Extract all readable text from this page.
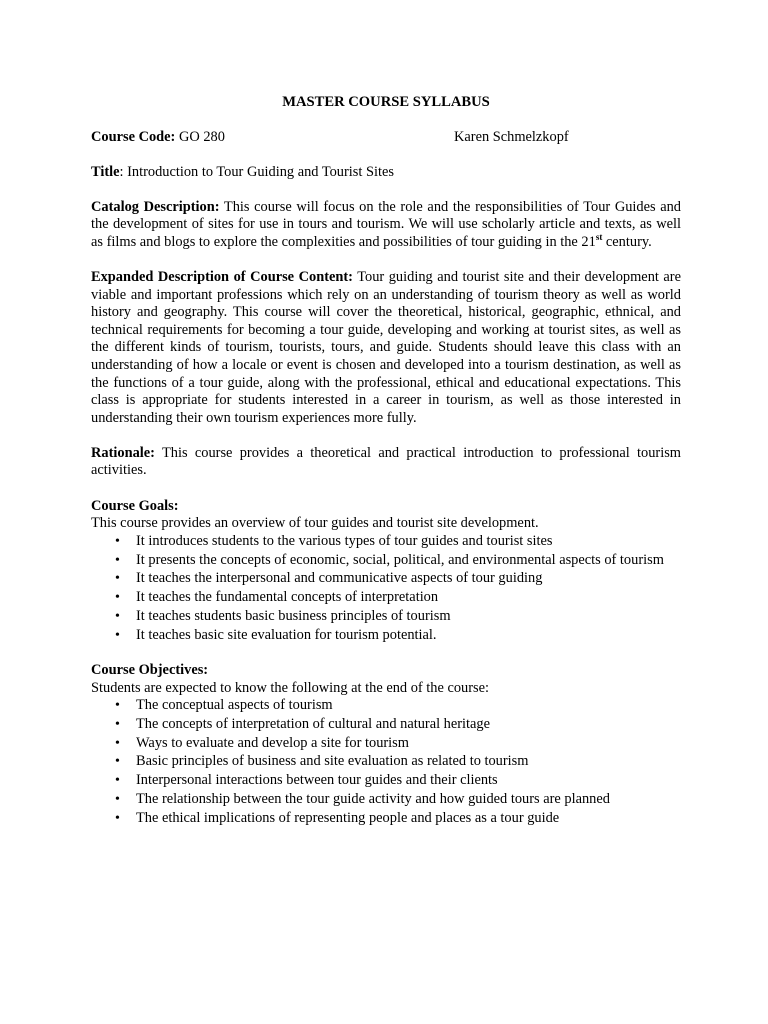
MASTER COURSE SYLLABUS
Course Code: GO 280	Karen Schmelzkopf
Title: Introduction to Tour Guiding and Tourist Sites

Catalog Description: This course will focus on the role and the responsibilities of Tour Guides and the development of sites for use in tours and tourism. We will use scholarly article and texts, as well as films and blogs to explore the complexities and possibilities of tour guiding in the 21st century.

Expanded Description of Course Content: Tour guiding and tourist site and their development are viable and important professions which rely on an understanding of tourism theory as well as world history and geography. This course will cover the theoretical, historical, geographic, ethnical, and technical requirements for becoming a tour guide, developing and working at tourist sites, as well as the different kinds of tourism, tourists, tours, and guide. Students should leave this class with an understanding of how a locale or event is chosen and developed into a tourism destination, as well as the functions of a tour guide, along with the professional, ethical and educational expectations. This class is appropriate for students interested in a career in tourism, as well as those interested in understanding their own tourism experiences more fully.

Rationale: This course provides a theoretical and practical introduction to professional tourism activities.

Course Goals:
This course provides an overview of tour guides and tourist site development.
• It introduces students to the various types of tour guides and tourist sites
• It presents the concepts of economic, social, political, and environmental aspects of tourism
• It teaches the interpersonal and communicative aspects of tour guiding
• It teaches the fundamental concepts of interpretation
• It teaches students basic business principles of tourism
• It teaches basic site evaluation for tourism potential.
Course Objectives:
Students are expected to know the following at the end of the course:
• The conceptual aspects of tourism
• The concepts of interpretation of cultural and natural heritage
• Ways to evaluate and develop a site for tourism
• Basic principles of business and site evaluation as related to tourism
• Interpersonal interactions between tour guides and their clients
• The relationship between the tour guide activity and how guided tours are planned
• The ethical implications of representing people and places as a tour guide
